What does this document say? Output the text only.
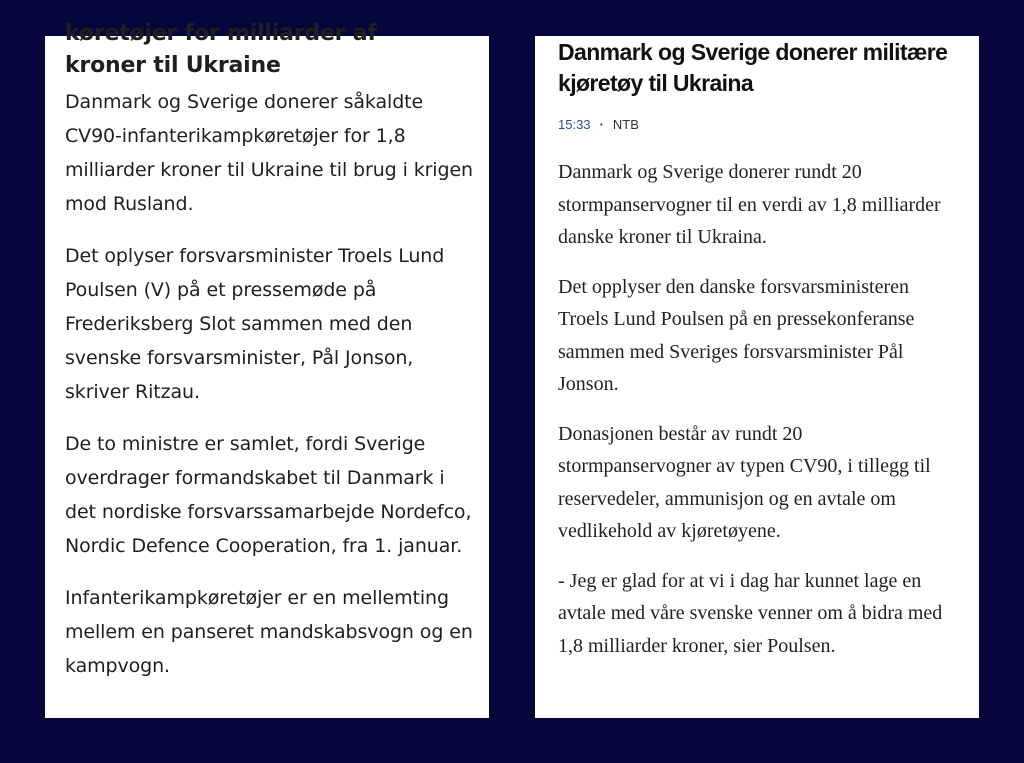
køretøjer for milliarder af
kroner til Ukraine

Danmark og Sverige donerer såkaldte CV90-infanterikampkøretøjer for 1,8 milliarder kroner til Ukraine til brug i krigen mod Rusland.

Det oplyser forsvarsminister Troels Lund Poulsen (V) på et pressemøde på Frederiksberg Slot sammen med den svenske forsvarsminister, Pål Jonson, skriver Ritzau.

De to ministre er samlet, fordi Sverige overdrager formandskabet til Danmark i det nordiske forsvarssamarbejde Nordefco, Nordic Defence Cooperation, fra 1. januar.

Infanterikampkøretøjer er en mellemting mellem en panseret mandskabsvogn og en kampvogn.

Danmark og Sverige donerer militære kjøretøy til Ukraina
15:33 · NTB

Danmark og Sverige donerer rundt 20 stormpanservogner til en verdi av 1,8 milliarder danske kroner til Ukraina.

Det opplyser den danske forsvarsministeren Troels Lund Poulsen på en pressekonferanse sammen med Sveriges forsvarsminister Pål Jonson.

Donasjonen består av rundt 20 stormpanservogner av typen CV90, i tillegg til reservedeler, ammunisjon og en avtale om vedlikehold av kjøretøyene.

- Jeg er glad for at vi i dag har kunnet lage en avtale med våre svenske venner om å bidra med 1,8 milliarder kroner, sier Poulsen.
